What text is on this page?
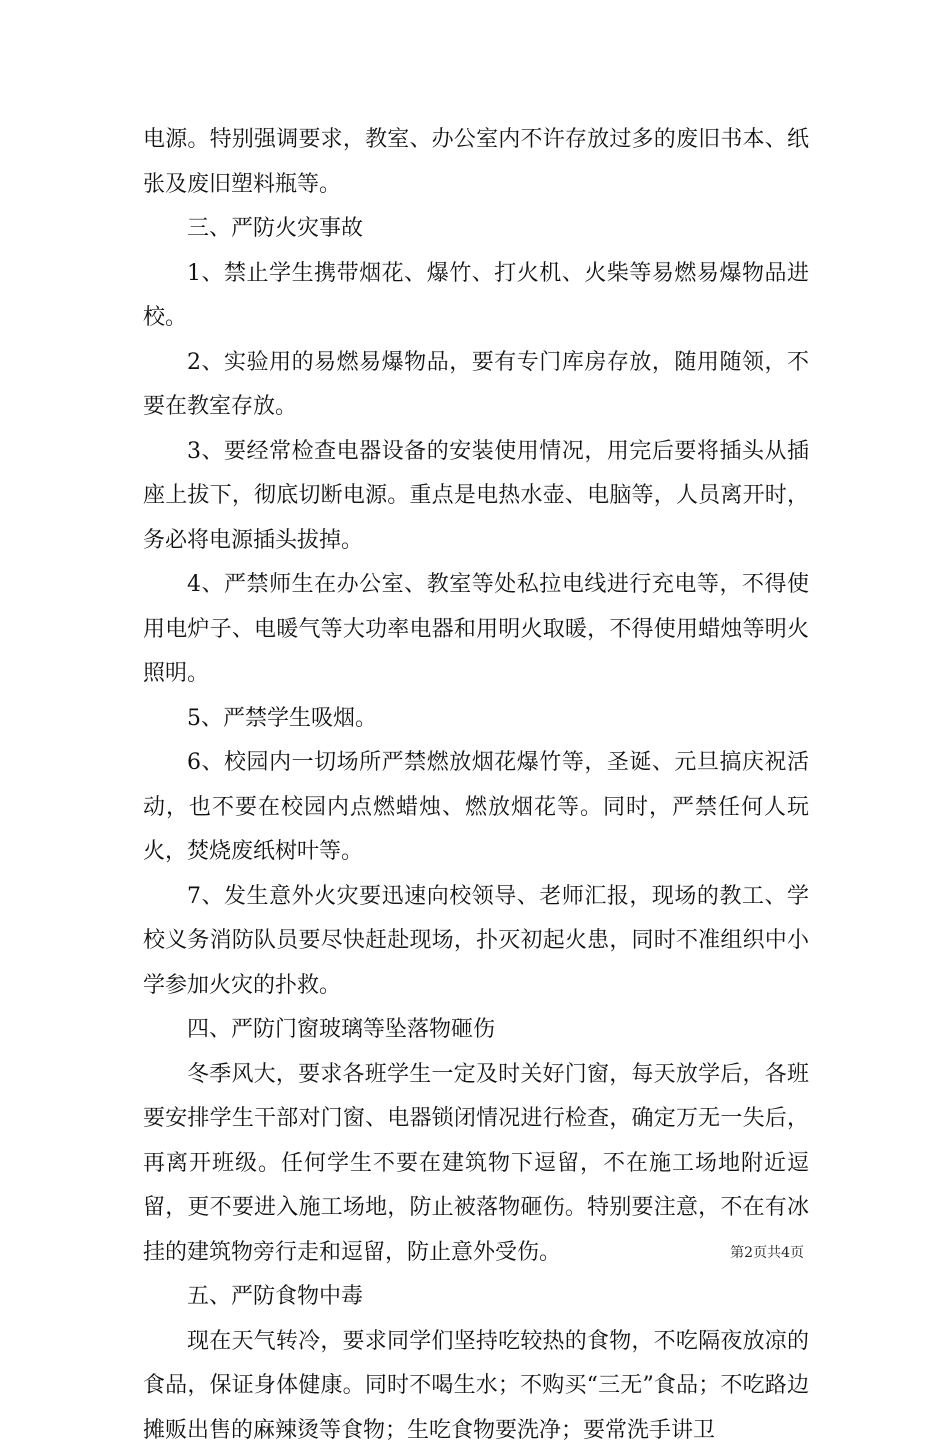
电源。特别强调要求，教室、办公室内不许存放过多的废旧书本、纸张及废旧塑料瓶等。

三、严防火灾事故

1、禁止学生携带烟花、爆竹、打火机、火柴等易燃易爆物品进校。

2、实验用的易燃易爆物品，要有专门库房存放，随用随领，不要在教室存放。

3、要经常检查电器设备的安装使用情况，用完后要将插头从插座上拔下，彻底切断电源。重点是电热水壶、电脑等，人员离开时，务必将电源插头拔掉。

4、严禁师生在办公室、教室等处私拉电线进行充电等，不得使用电炉子、电暖气等大功率电器和用明火取暖，不得使用蜡烛等明火照明。

5、严禁学生吸烟。

6、校园内一切场所严禁燃放烟花爆竹等，圣诞、元旦搞庆祝活动，也不要在校园内点燃蜡烛、燃放烟花等。同时，严禁任何人玩火，焚烧废纸树叶等。

7、发生意外火灾要迅速向校领导、老师汇报，现场的教工、学校义务消防队员要尽快赶赴现场，扑灭初起火患，同时不准组织中小学参加火灾的扑救。

四、严防门窗玻璃等坠落物砸伤

冬季风大，要求各班学生一定及时关好门窗，每天放学后，各班要安排学生干部对门窗、电器锁闭情况进行检查，确定万无一失后，再离开班级。任何学生不要在建筑物下逗留，不在施工场地附近逗留，更不要进入施工场地，防止被落物砸伤。特别要注意，不在有冰挂的建筑物旁行走和逗留，防止意外受伤。

五、严防食物中毒

现在天气转冷，要求同学们坚持吃较热的食物，不吃隔夜放凉的食品，保证身体健康。同时不喝生水；不购买“三无”食品；不吃路边摊贩出售的麻辣烫等食物；生吃食物要洗净；要常洗手讲卫

第2页共4页
